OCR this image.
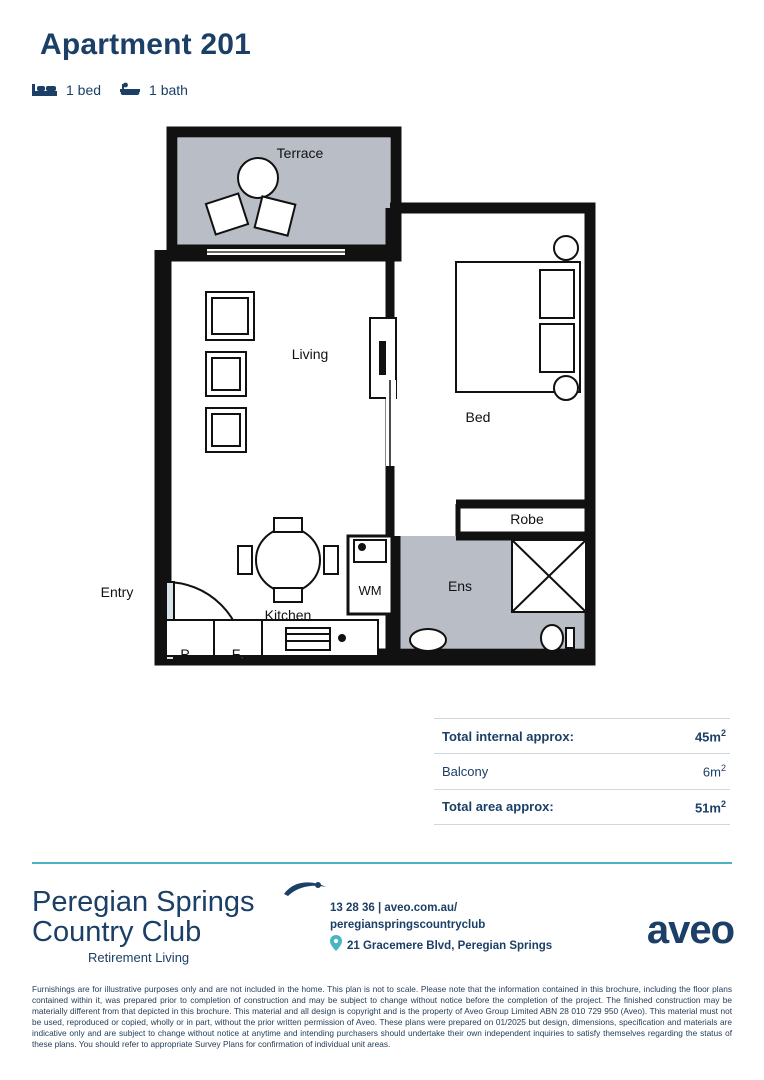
Apartment 201
1 bed	1 bath
Terrace
Living
Bed
Robe
Ens
WM
Kitchen
Entry
P	F
Total internal approx:	$45m^2$
Balcony	$6m^2$
Total area approx:	$51m^2$
Peregian Springs
Country Club
Retirement Living
13 28 36 | aveo.com.au/
peregianspringscountryclub
21 Gracemere Blvd, Peregian Springs aveo
Furnishings are for illustrative purposes only and are not included in the home. This plan is not to scale. Please note that the information contained in this brochure, including the floor plans contained within it, was prepared prior to completion of construction and may be subject to change without notice before the completion of the project. The finished construction may be materially different from that depicted in this brochure. This material and all design is copyright and is the property of Aveo Group Limited ABN 28 010 729 950 (Aveo). This material must not be used, reproduced or copied, wholly or in part, without the prior written permission of Aveo. These plans were prepared on 01/2025 but design, dimensions, specification and materials are indicative only and are subject to change without notice at anytime and intending purchasers should undertake their own independent inquiries to satisfy themselves regarding the status of these plans. You should refer to appropriate Survey Plans for confirmation of individual unit areas.
